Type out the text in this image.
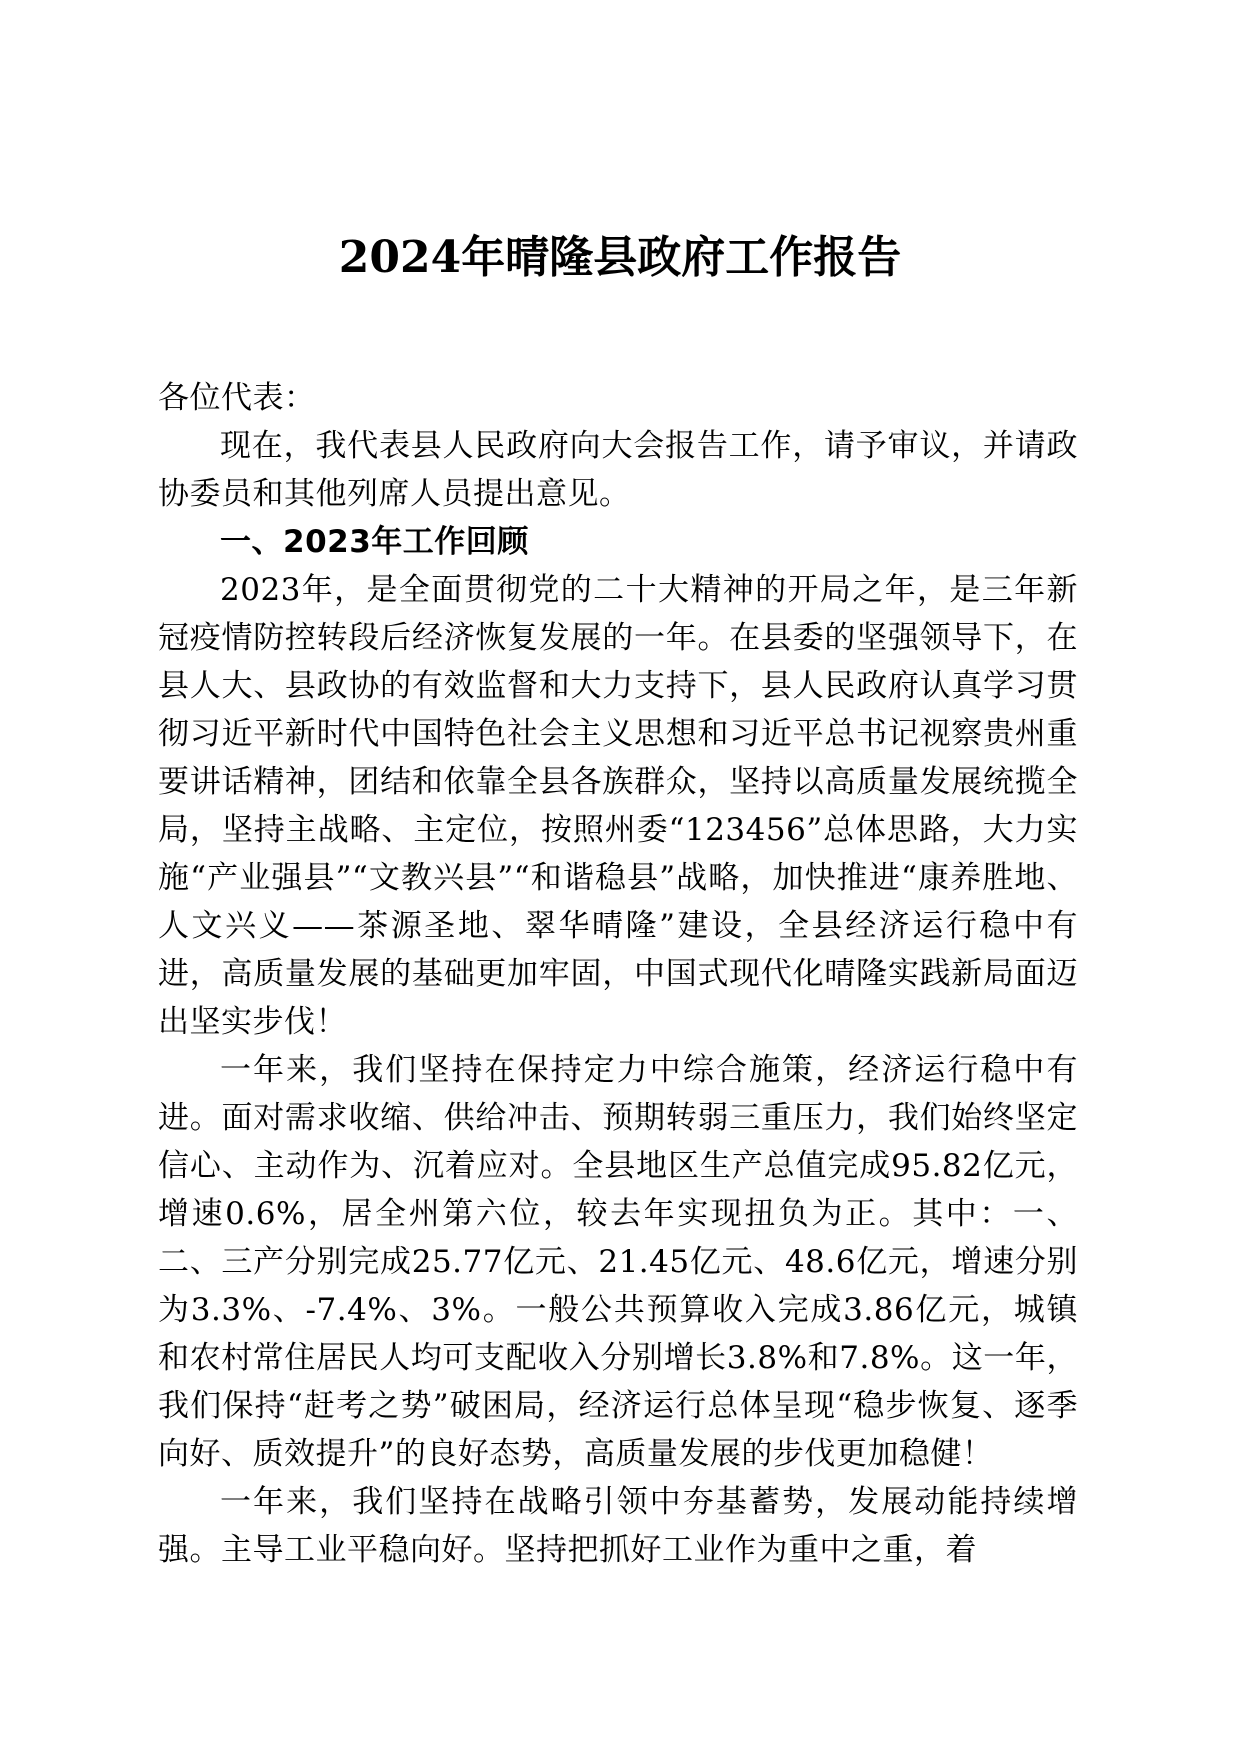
2024年晴隆县政府工作报告

各位代表：

现在，我代表县人民政府向大会报告工作，请予审议，并请政协委员和其他列席人员提出意见。

一、2023年工作回顾

2023年，是全面贯彻党的二十大精神的开局之年，是三年新冠疫情防控转段后经济恢复发展的一年。在县委的坚强领导下，在县人大、县政协的有效监督和大力支持下，县人民政府认真学习贯彻习近平新时代中国特色社会主义思想和习近平总书记视察贵州重要讲话精神，团结和依靠全县各族群众，坚持以高质量发展统揽全局，坚持主战略、主定位，按照州委“123456”总体思路，大力实施“产业强县”“文教兴县”“和谐稳县”战略，加快推进“康养胜地、人文兴义——茶源圣地、翠华晴隆”建设，全县经济运行稳中有进，高质量发展的基础更加牢固，中国式现代化晴隆实践新局面迈出坚实步伐！

一年来，我们坚持在保持定力中综合施策，经济运行稳中有进。面对需求收缩、供给冲击、预期转弱三重压力，我们始终坚定信心、主动作为、沉着应对。全县地区生产总值完成95.82亿元，增速0.6%，居全州第六位，较去年实现扭负为正。其中：一、二、三产分别完成25.77亿元、21.45亿元、48.6亿元，增速分别为3.3%、-7.4%、3%。一般公共预算收入完成3.86亿元，城镇和农村常住居民人均可支配收入分别增长3.8%和7.8%。这一年，我们保持“赶考之势”破困局，经济运行总体呈现“稳步恢复、逐季向好、质效提升”的良好态势，高质量发展的步伐更加稳健！

一年来，我们坚持在战略引领中夯基蓄势，发展动能持续增强。主导工业平稳向好。坚持把抓好工业作为重中之重，着
